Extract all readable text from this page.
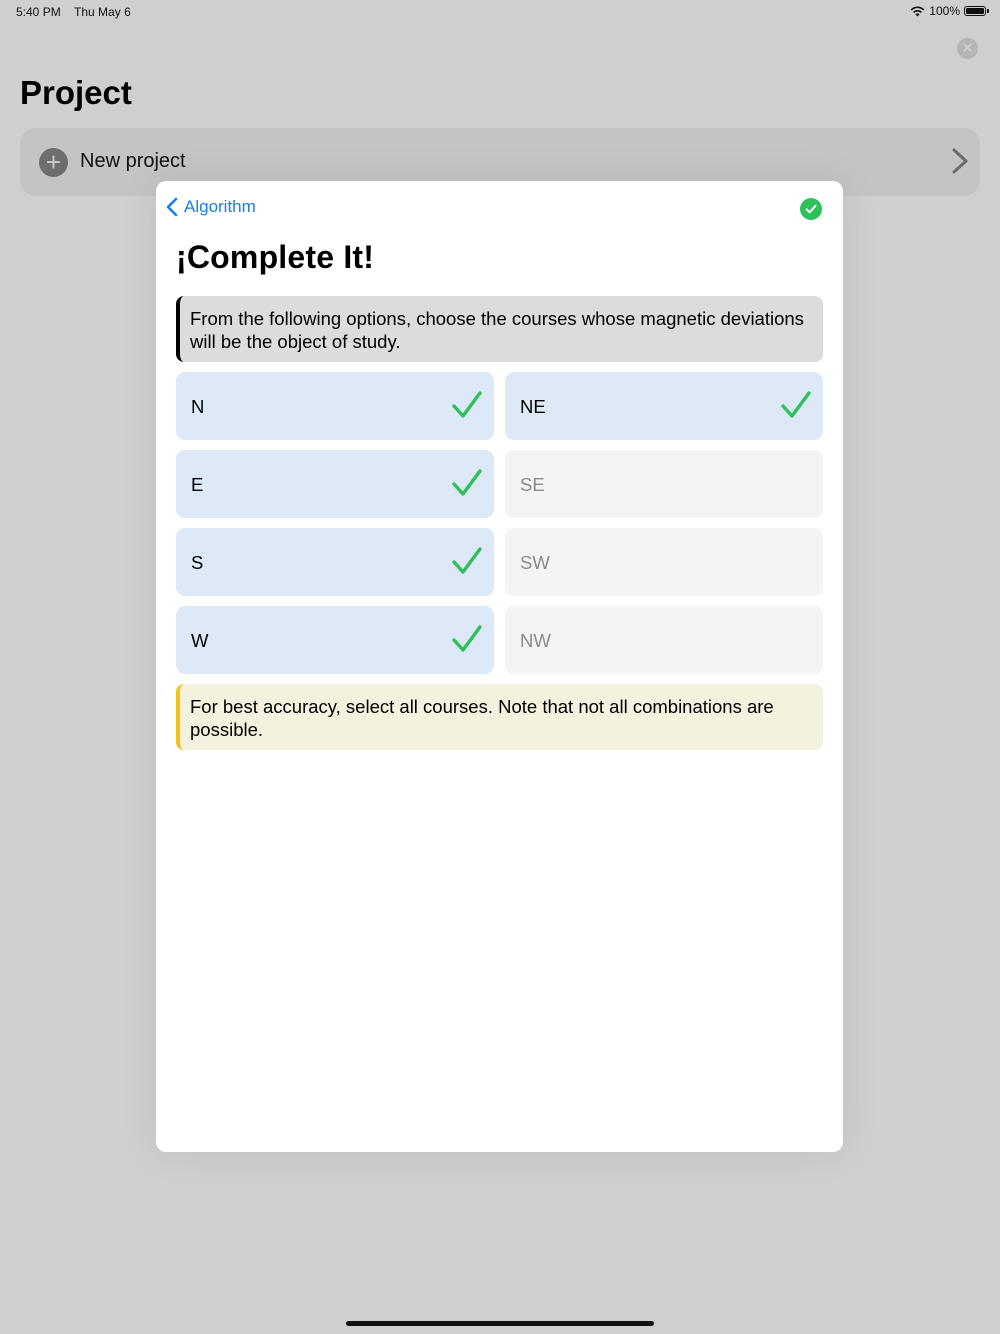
5:40 PM Thu May 6	100%
✕
Project
+ New project
Algorithm
¡Complete It!
From the following options, choose the courses whose magnetic deviations will be the object of study.
N	NE
E	SE
S	SW
W	NW
For best accuracy, select all courses. Note that not all combinations are possible.
